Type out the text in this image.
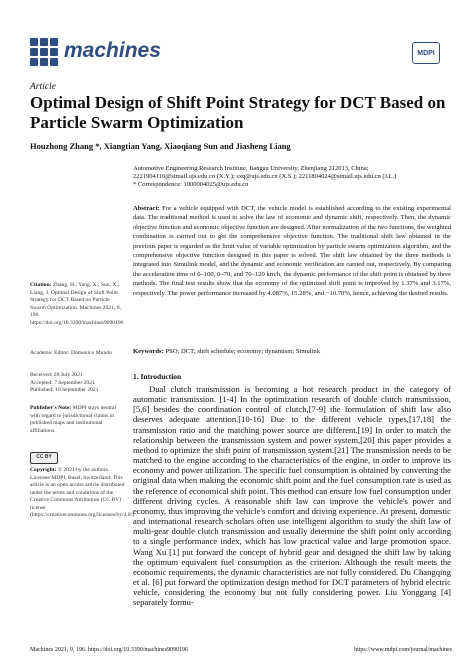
machines	MDPI
Article
Optimal Design of Shift Point Strategy for DCT Based on Particle Swarm Optimization
Houzhong Zhang *, Xiangtian Yang, Xiaoqiang Sun and Jiasheng Liang
Automotive Engineering Research Institute, Jiangsu University, Zhenjiang 212013, China;
2221904110@stmail.ujs.edu.cn (X.Y.); sxq@ujs.edu.cn (X.S.); 2211804024@stmail.ujs.edu.cn (J.L.)
* Correspondence: 1000004025@ujs.edu.cn
Abstract: For a vehicle equipped with DCT, the vehicle model is established according to the existing experimental data. The traditional method is used to solve the law of economic and dynamic shift, respectively. Then, the dynamic objective function and economic objective function are designed. After normalization of the two functions, the weighted combination is carried out to get the comprehensive objective function. The traditional shift law obtained in the previous paper is regarded as the limit value of variable optimization by particle swarm optimization algorithm, and the comprehensive objective function designed in this paper is solved. The shift law obtained by the three methods is integrated into Simulink model, and the dynamic and economic verification are carried out, respectively. By comparing the acceleration time of 0–100, 0–70, and 70–120 km/h, the dynamic performance of the shift point is obtained by three methods. The final test results show that the economy of the optimized shift point is improved by 1.37% and 3.17%, respectively. The power performance increased by 4.087%, 15.28%, and −10.70%, hence, achieving the desired results.
Keywords: PSO; DCT; shift schedule; economy; dynamism; Simulink
1. Introduction

Dual clutch transmission is becoming a hot research product in the category of automatic transmission. [1-4] In the optimization research of double clutch transmission,[5,6] besides the coordination control of clutch,[7-9] the formulation of shift law also deserves adequate attention.[10-16] Due to the different vehicle types,[17,18] the transmission ratio and the matching power source are different.[19] In order to match the relationship between the transmission system and power system,[20] this paper provides a method to optimize the shift point of transmission system.[21] The transmission needs to be matched to the engine according to the characteristics of the engine, in order to improve its economy and power utilization. The specific fuel consumption is obtained by converting the original data when making the economic shift point and the fuel consumption rate is used as the reference of economical shift point. This method can ensure low fuel consumption under different driving cycles. A reasonable shift law can improve the vehicle's power and economy, thus improving the vehicle's comfort and driving experience. At present, domestic and international research scholars often use intelligent algorithm to study the shift law of multi-gear double clutch transmission and usually determine the shift point only according to a single performance index, which has low practical value and large promotion space. Wang Xu [1] put forward the concept of hybrid gear and designed the shift law by taking the optimum equivalent fuel consumption as the criterion. Although the result meets the economic requirements, the dynamic characteristics are not fully considered. Du Changqing et al. [6] put forward the optimization design method for DCT parameters of hybrid electric vehicle, considering the economy but not fully considering power. Liu Yonggang [4] separately formu-

Citation: Zhang, H.; Yang, X.; Sun, X.; Liang, J. Optimal Design of Shift Point Strategy for DCT Based on Particle Swarm Optimization. Machines 2021, 9, 196. https://doi.org/10.3390/machines9090196
Academic Editor: Domenico Mundo
Received: 28 July 2021
Accepted: 7 September 2021
Published: 10 September 2021
Publisher's Note: MDPI stays neutral with regard to jurisdictional claims in published maps and institutional affiliations.
CC BY
Copyright: © 2021 by the authors. Licensee MDPI, Basel, Switzerland. This article is an open access article distributed under the terms and conditions of the Creative Commons Attribution (CC BY) license (https://creativecommons.org/licenses/by/4.0/).
Machines 2021, 9, 196. https://doi.org/10.3390/machines9090196	https://www.mdpi.com/journal/machines
